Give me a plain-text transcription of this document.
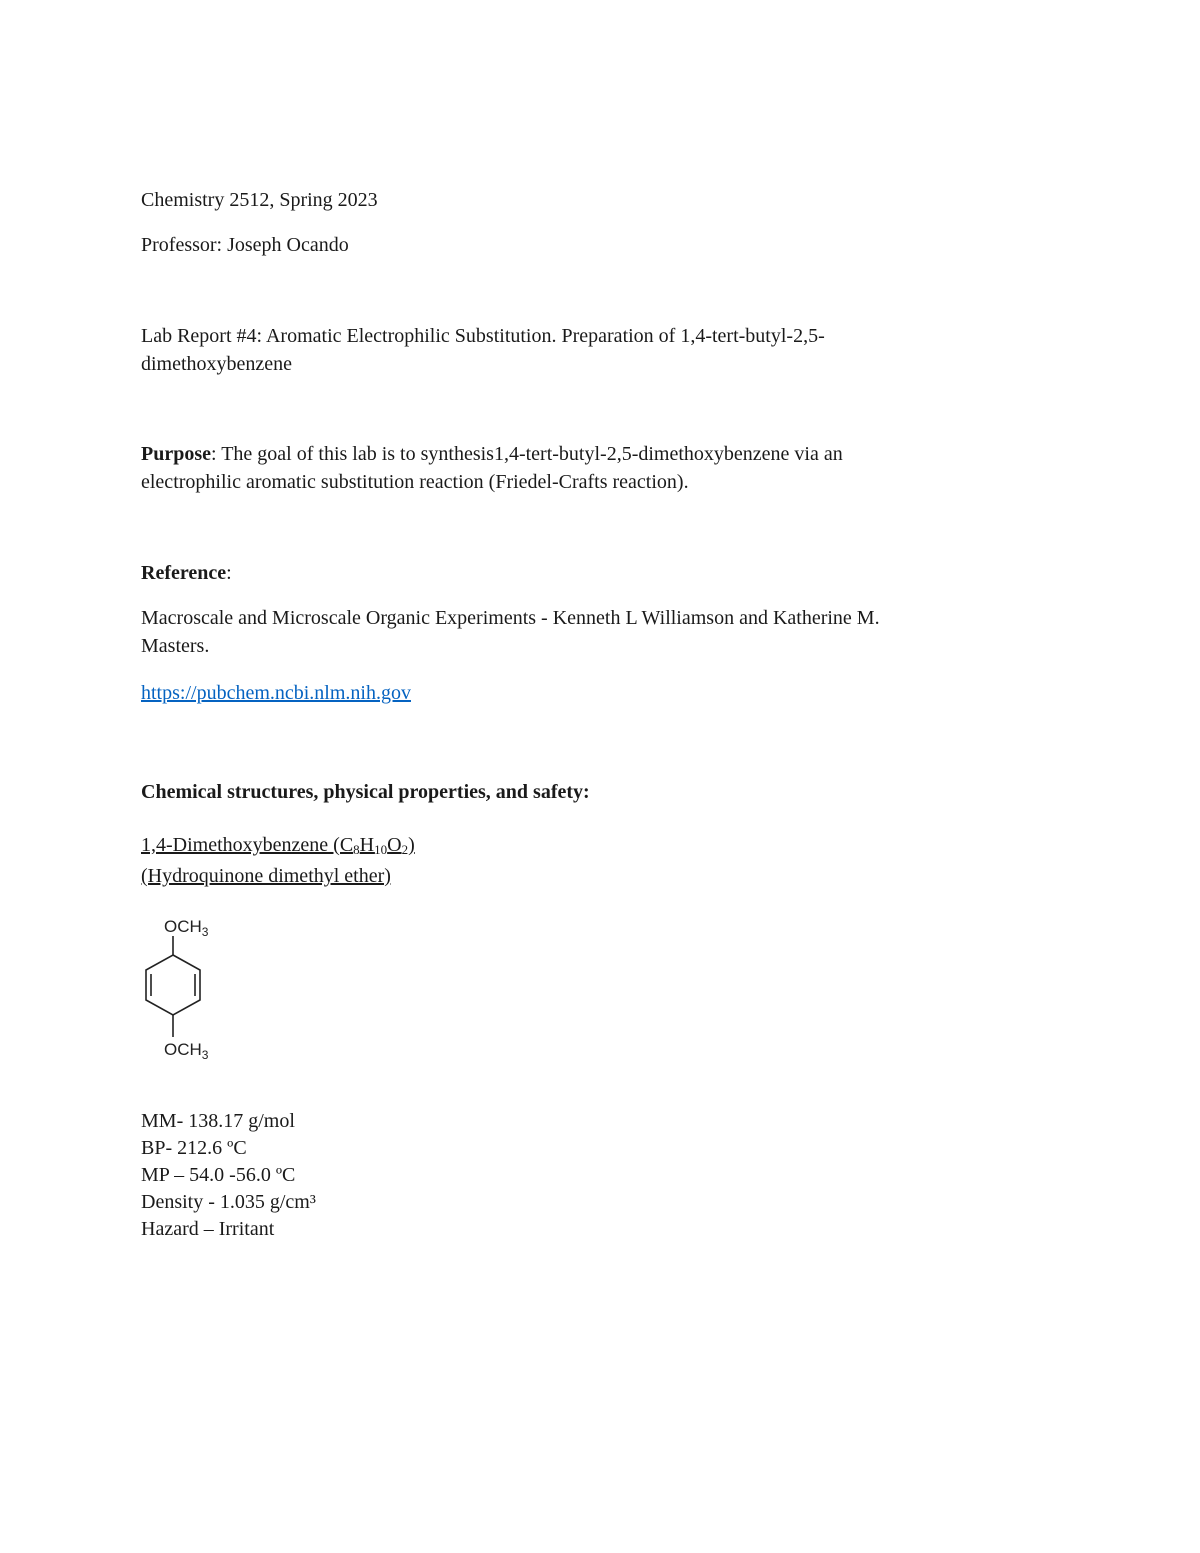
Chemistry 2512, Spring 2023
Professor: Joseph Ocando
Lab Report #4: Aromatic Electrophilic Substitution. Preparation of 1,4-tert-butyl-2,5-
dimethoxybenzene
Purpose: The goal of this lab is to synthesis1,4-tert-butyl-2,5-dimethoxybenzene via an
electrophilic aromatic substitution reaction (Friedel-Crafts reaction).
Reference:
Macroscale and Microscale Organic Experiments - Kenneth L Williamson and Katherine M.
Masters.
https://pubchem.ncbi.nlm.nih.gov
Chemical structures, physical properties, and safety:
1,4-Dimethoxybenzene $(C_8H_{10}O_2)$
(Hydroquinone dimethyl ether)
$OCH_3$
$OCH_3$
MM- 138.17 g/mol
BP- 212.6 ºC
MP – 54.0 -56.0 ºC
Density - 1.035 g/cm³
Hazard – Irritant
